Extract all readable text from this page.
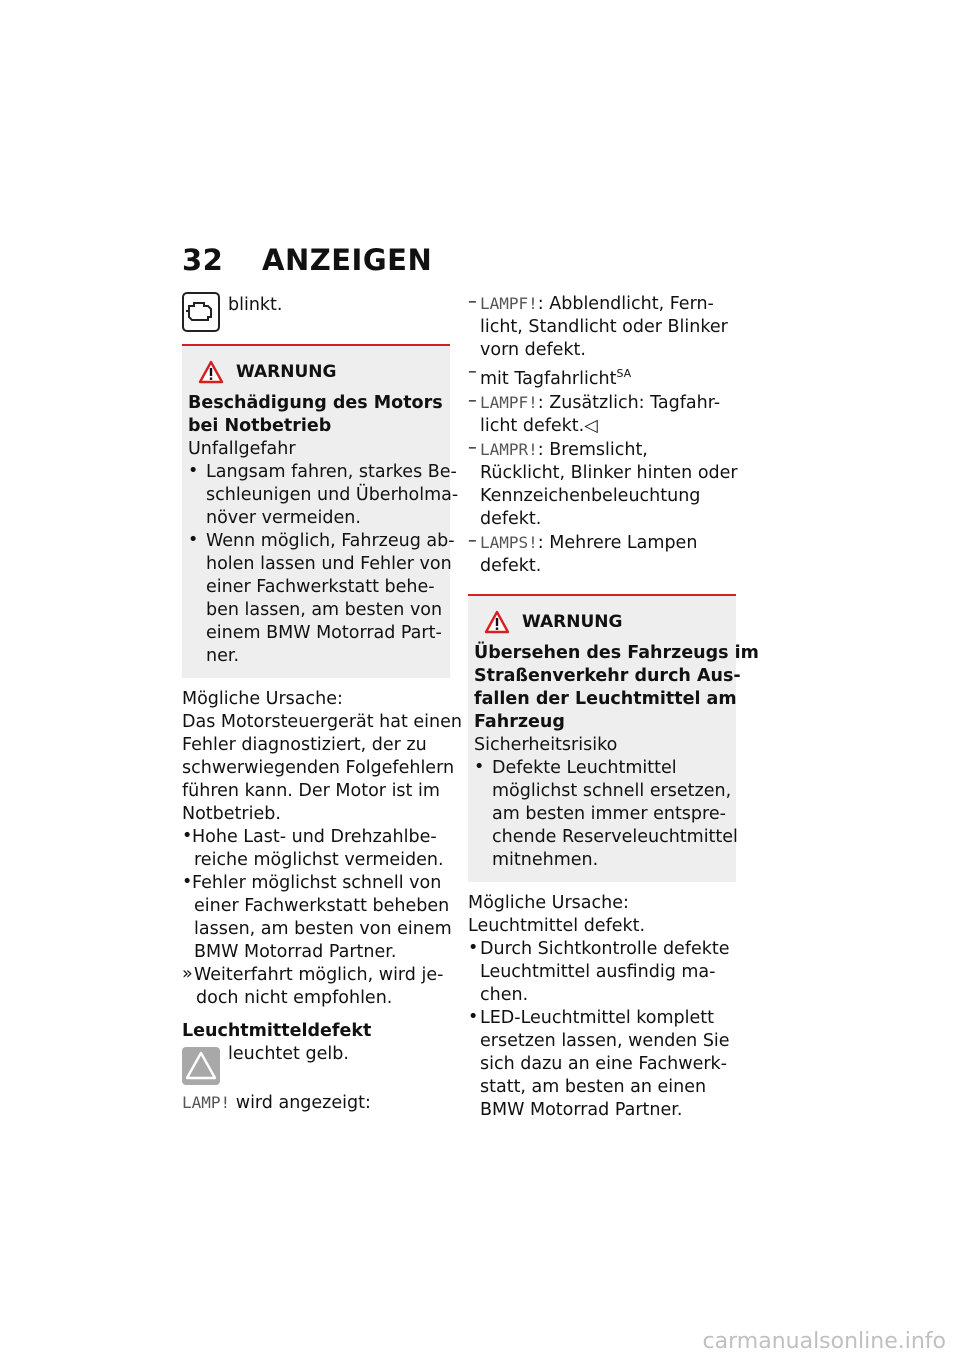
32 ANZEIGEN
blinkt.
WARNUNG
Beschädigung des Motors
bei Notbetrieb
Unfallgefahr
• Langsam fahren, starkes Be-
schleunigen und Überholma-
növer vermeiden.
• Wenn möglich, Fahrzeug ab-
holen lassen und Fehler von
einer Fachwerkstatt behe-
ben lassen, am besten von
einem BMW Motorrad Part-
ner.
Mögliche Ursache:
Das Motorsteuergerät hat einen
Fehler diagnostiziert, der zu
schwerwiegenden Folgefehlern
führen kann. Der Motor ist im
Notbetrieb.
• Hohe Last- und Drehzahlbe-
reiche möglichst vermeiden.
• Fehler möglichst schnell von
einer Fachwerkstatt beheben
lassen, am besten von einem
BMW Motorrad Partner.
» Weiterfahrt möglich, wird je-
doch nicht empfohlen.
Leuchtmitteldefekt
leuchtet gelb.
LAMP! wird angezeigt:
– LAMPF!: Abblendlicht, Fern-
licht, Standlicht oder Blinker
vorn defekt.
– mit Tagfahrlicht$^{SA}$
– LAMPF!: Zusätzlich: Tagfahr-
licht defekt.◁
– LAMPR!: Bremslicht,
Rücklicht, Blinker hinten oder
Kennzeichenbeleuchtung
defekt.
– LAMPS!: Mehrere Lampen
defekt.
WARNUNG
Übersehen des Fahrzeugs im
Straßenverkehr durch Aus-
fallen der Leuchtmittel am
Fahrzeug
Sicherheitsrisiko
• Defekte Leuchtmittel
möglichst schnell ersetzen,
am besten immer entspre-
chende Reserveleuchtmittel
mitnehmen.
Mögliche Ursache:
Leuchtmittel defekt.
• Durch Sichtkontrolle defekte
Leuchtmittel ausfindig ma-
chen.
• LED-Leuchtmittel komplett
ersetzen lassen, wenden Sie
sich dazu an eine Fachwerk-
statt, am besten an einen
BMW Motorrad Partner.
carmanualsonline.info
